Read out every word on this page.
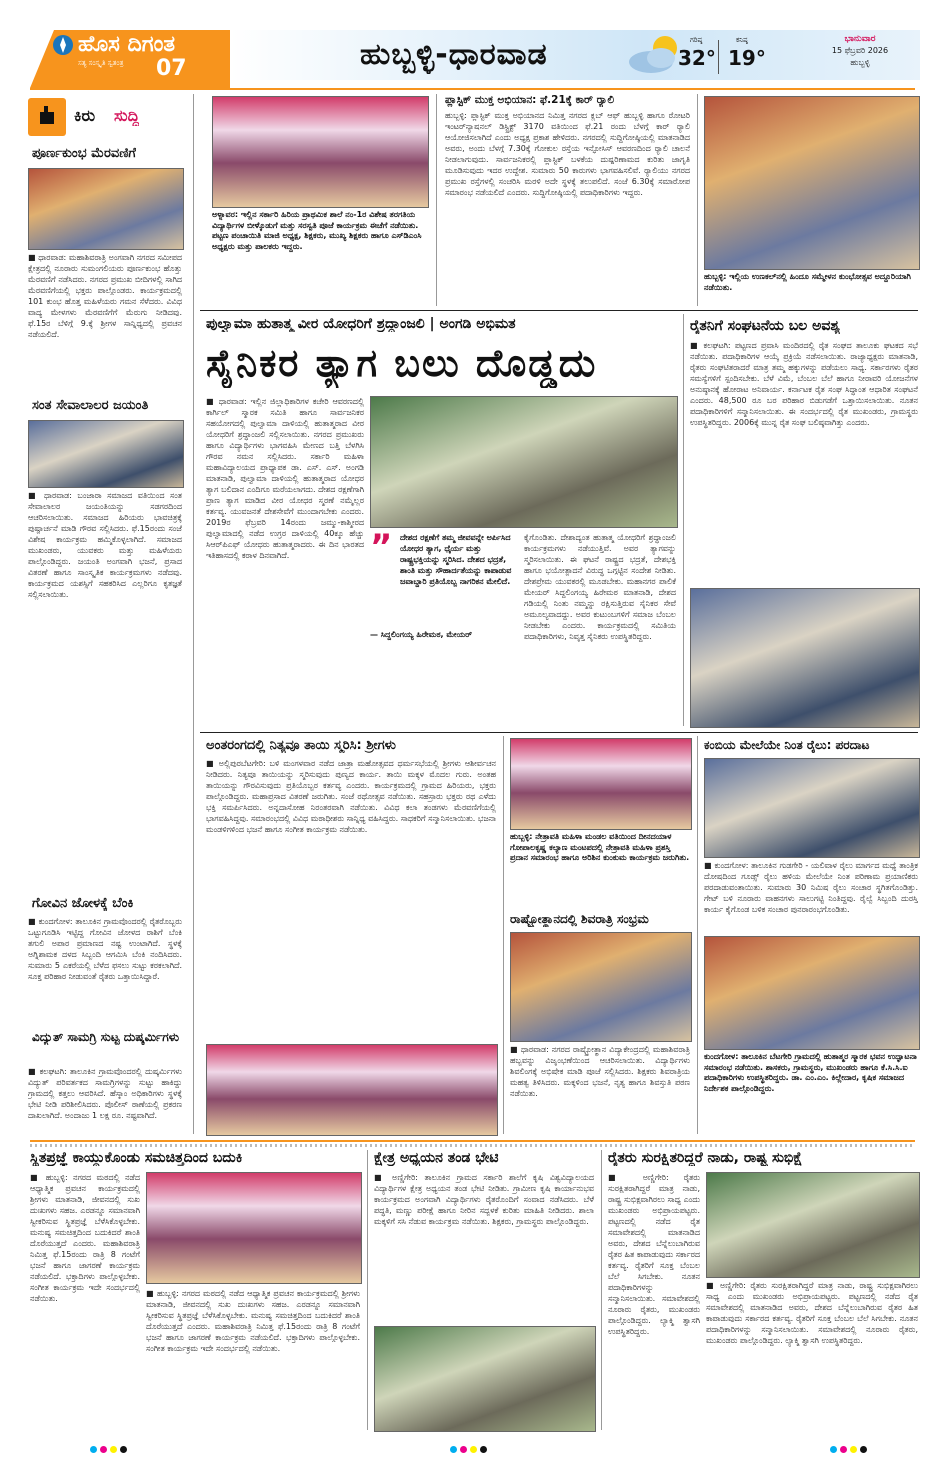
ಹೊಸ ದಿಗಂತ
ಸತ್ಯ ಸಂಸ್ಕೃತಿ ಸ್ವತಂತ್ರ 07	ಹುಬ್ಬಳ್ಳಿ-ಧಾರವಾಡ	ಗರಿಷ್ಠ
32°
ಕನಿಷ್ಠ
19°
ಭಾನುವಾರ
15 ಫೆಬ್ರವರಿ 2026
ಹುಬ್ಬಳ್ಳಿ
ಕಿರು ಸುದ್ದಿ
ಪೂರ್ಣಕುಂಭ ಮೆರವಣಿಗೆ
■ ಧಾರವಾಡ: ಮಹಾಶಿವರಾತ್ರಿ ಅಂಗವಾಗಿ ನಗರದ ಸಮೀಪದ ಕ್ಷೇತ್ರದಲ್ಲಿ ನೂರಾರು ಸುಮಂಗಲಿಯರು ಪೂರ್ಣಕುಂಭ ಹೊತ್ತು ಮೆರವಣಿಗೆ ನಡೆಸಿದರು. ನಗರದ ಪ್ರಮುಖ ಬೀದಿಗಳಲ್ಲಿ ಸಾಗಿದ ಮೆರವಣಿಗೆಯಲ್ಲಿ ಭಕ್ತರು ಪಾಲ್ಗೊಂಡರು. ಕಾರ್ಯಕ್ರಮದಲ್ಲಿ 101 ಕುಂಭ ಹೊತ್ತ ಮಹಿಳೆಯರು ಗಮನ ಸೆಳೆದರು. ವಿವಿಧ ವಾದ್ಯ ಮೇಳಗಳು ಮೆರವಣಿಗೆಗೆ ಮೆರುಗು ನೀಡಿದವು. ಫೆ.15ರ ಬೆಳಿಗ್ಗೆ 9.ಕ್ಕೆ ಶ್ರೀಗಳ ಸಾನ್ನಿಧ್ಯದಲ್ಲಿ ಪ್ರವಚನ ನಡೆಯಲಿದೆ.
ಸಂತ ಸೇವಾಲಾಲರ ಜಯಂತಿ
■ ಧಾರವಾಡ: ಬಂಜಾರಾ ಸಮಾಜದ ವತಿಯಿಂದ ಸಂತ ಸೇವಾಲಾಲರ ಜಯಂತಿಯನ್ನು ಸಡಗರದಿಂದ ಆಚರಿಸಲಾಯಿತು. ಸಮಾಜದ ಹಿರಿಯರು ಭಾವಚಿತ್ರಕ್ಕೆ ಪುಷ್ಪಾರ್ಚನೆ ಮಾಡಿ ಗೌರವ ಸಲ್ಲಿಸಿದರು. ಫೆ.15ರಂದು ಸಂಜೆ ವಿಶೇಷ ಕಾರ್ಯಕ್ರಮ ಹಮ್ಮಿಕೊಳ್ಳಲಾಗಿದೆ. ಸಮಾಜದ ಮುಖಂಡರು, ಯುವಕರು ಮತ್ತು ಮಹಿಳೆಯರು ಪಾಲ್ಗೊಂಡಿದ್ದರು. ಜಯಂತಿ ಅಂಗವಾಗಿ ಭಜನೆ, ಪ್ರಸಾದ ವಿತರಣೆ ಹಾಗೂ ಸಾಂಸ್ಕೃತಿಕ ಕಾರ್ಯಕ್ರಮಗಳು ನಡೆದವು. ಕಾರ್ಯಕ್ರಮದ ಯಶಸ್ಸಿಗೆ ಸಹಕರಿಸಿದ ಎಲ್ಲರಿಗೂ ಕೃತಜ್ಞತೆ ಸಲ್ಲಿಸಲಾಯಿತು.
ಗೋವಿನ ಜೋಳಕ್ಕೆ ಬೆಂಕಿ
■ ಕುಂದಗೋಳ: ತಾಲೂಕಿನ ಗ್ರಾಮವೊಂದರಲ್ಲಿ ರೈತರೊಬ್ಬರು ಒಟ್ಟುಗೂಡಿಸಿ ಇಟ್ಟಿದ್ದ ಗೋವಿನ ಜೋಳದ ರಾಶಿಗೆ ಬೆಂಕಿ ತಗುಲಿ ಅಪಾರ ಪ್ರಮಾಣದ ನಷ್ಟ ಉಂಟಾಗಿದೆ. ಸ್ಥಳಕ್ಕೆ ಅಗ್ನಿಶಾಮಕ ದಳದ ಸಿಬ್ಬಂದಿ ಆಗಮಿಸಿ ಬೆಂಕಿ ನಂದಿಸಿದರು. ಸುಮಾರು 5 ಎಕರೆಯಲ್ಲಿ ಬೆಳೆದ ಫಸಲು ಸುಟ್ಟು ಕರಕಲಾಗಿದೆ. ಸೂಕ್ತ ಪರಿಹಾರ ನೀಡುವಂತೆ ರೈತರು ಒತ್ತಾಯಿಸಿದ್ದಾರೆ.
ವಿದ್ಯುತ್ ಸಾಮಗ್ರಿ ಸುಟ್ಟ ದುಷ್ಕರ್ಮಿಗಳು
■ ಕಲಘಟಗಿ: ತಾಲೂಕಿನ ಗ್ರಾಮವೊಂದರಲ್ಲಿ ದುಷ್ಕರ್ಮಿಗಳು ವಿದ್ಯುತ್ ಪರಿವರ್ತಕದ ಸಾಮಗ್ರಿಗಳನ್ನು ಸುಟ್ಟು ಹಾಕಿದ್ದು ಗ್ರಾಮದಲ್ಲಿ ಕತ್ತಲು ಆವರಿಸಿದೆ. ಹೆಸ್ಕಾಂ ಅಧಿಕಾರಿಗಳು ಸ್ಥಳಕ್ಕೆ ಭೇಟಿ ನೀಡಿ ಪರಿಶೀಲಿಸಿದರು. ಪೊಲೀಸ್ ಠಾಣೆಯಲ್ಲಿ ಪ್ರಕರಣ ದಾಖಲಾಗಿದೆ. ಅಂದಾಜು 1 ಲಕ್ಷ ರೂ. ನಷ್ಟವಾಗಿದೆ.
ಅಳ್ನಾವರ: ಇಲ್ಲಿನ ಸರ್ಕಾರಿ ಹಿರಿಯ ಪ್ರಾಥಮಿಕ ಶಾಲೆ ನಂ-1ರ ವಿಶೇಷ ತರಗತಿಯ ವಿದ್ಯಾರ್ಥಿಗಳ ಬೀಳ್ಕೊಡುಗೆ ಮತ್ತು ಸರಸ್ವತಿ ಪೂಜೆ ಕಾರ್ಯಕ್ರಮ ಈಚೆಗೆ ನಡೆಯಿತು. ಪಟ್ಟಣ ಪಂಚಾಯಿತಿ ಮಾಜಿ ಅಧ್ಯಕ್ಷ, ಶಿಕ್ಷಕರು, ಮುಖ್ಯ ಶಿಕ್ಷಕರು ಹಾಗೂ ಎಸ್‌ಡಿಎಂಸಿ ಅಧ್ಯಕ್ಷರು ಮತ್ತು ಪಾಲಕರು ಇದ್ದರು.
ಪ್ಲಾಸ್ಟಿಕ್ ಮುಕ್ತ ಅಭಿಯಾನ: ಫೆ.21ಕ್ಕೆ ಕಾರ್ ರ‍್ಯಾಲಿ
ಹುಬ್ಬಳ್ಳಿ: ಪ್ಲಾಸ್ಟಿಕ್ ಮುಕ್ತ ಅಭಿಯಾನದ ನಿಮಿತ್ತ ನಗರದ ಕ್ಲಬ್ ಆಫ್ ಹುಬ್ಬಳ್ಳಿ ಹಾಗೂ ರೋಟರಿ ಇಂಟರ್‌ನ್ಯಾಷನಲ್ ಡಿಸ್ಟ್ರಿಕ್ಟ್ 3170 ವತಿಯಿಂದ ಫೆ.21 ರಂದು ಬೆಳಗ್ಗೆ ಕಾರ್ ರ‍್ಯಾಲಿ ಆಯೋಜಿಸಲಾಗಿದೆ ಎಂದು ಅಧ್ಯಕ್ಷ ಪ್ರಕಾಶ ಹೇಳಿದರು. ನಗರದಲ್ಲಿ ಸುದ್ದಿಗೋಷ್ಠಿಯಲ್ಲಿ ಮಾತನಾಡಿದ ಅವರು, ಅಂದು ಬೆಳಗ್ಗೆ 7.30ಕ್ಕೆ ಗೋಕುಲ ರಸ್ತೆಯ ಇನ್ಫೋಸಿಸ್ ಆವರಣದಿಂದ ರ‍್ಯಾಲಿ ಚಾಲನೆ ನೀಡಲಾಗುವುದು. ಸಾರ್ವಜನಿಕರಲ್ಲಿ ಪ್ಲಾಸ್ಟಿಕ್ ಬಳಕೆಯ ದುಷ್ಪರಿಣಾಮದ ಕುರಿತು ಜಾಗೃತಿ ಮೂಡಿಸುವುದು ಇದರ ಉದ್ದೇಶ. ಸುಮಾರು 50 ಕಾರುಗಳು ಭಾಗವಹಿಸಲಿವೆ. ರ‍್ಯಾಲಿಯು ನಗರದ ಪ್ರಮುಖ ರಸ್ತೆಗಳಲ್ಲಿ ಸಂಚರಿಸಿ ಮರಳಿ ಅದೇ ಸ್ಥಳಕ್ಕೆ ತಲುಪಲಿದೆ. ಸಂಜೆ 6.30ಕ್ಕೆ ಸಮಾರೋಪ ಸಮಾರಂಭ ನಡೆಯಲಿದೆ ಎಂದರು. ಸುದ್ದಿಗೋಷ್ಠಿಯಲ್ಲಿ ಪದಾಧಿಕಾರಿಗಳು ಇದ್ದರು.
ಹುಬ್ಬಳ್ಳಿ: ಇಲ್ಲಿಯ ಉಣಕಲ್‌ನಲ್ಲಿ ಹಿಂದೂ ಸಮ್ಮೇಳನ ಕುಂಭೋತ್ಸವ ಅದ್ದೂರಿಯಾಗಿ ನಡೆಯಿತು.
ಪುಲ್ವಾಮಾ ಹುತಾತ್ಮ ವೀರ ಯೋಧರಿಗೆ ಶ್ರದ್ಧಾಂಜಲಿ | ಅಂಗಡಿ ಅಭಿಮತ
ಸೈನಿಕರ ತ್ಯಾಗ ಬಲು ದೊಡ್ಡದು
■ ಧಾರವಾಡ: ಇಲ್ಲಿನ ಜಿಲ್ಲಾಧಿಕಾರಿಗಳ ಕಚೇರಿ ಆವರಣದಲ್ಲಿ ಕಾರ್ಗಿಲ್ ಸ್ಮಾರಕ ಸಮಿತಿ ಹಾಗೂ ಸಾರ್ವಜನಿಕರ ಸಹಯೋಗದಲ್ಲಿ ಪುಲ್ವಾಮಾ ದಾಳಿಯಲ್ಲಿ ಹುತಾತ್ಮರಾದ ವೀರ ಯೋಧರಿಗೆ ಶ್ರದ್ಧಾಂಜಲಿ ಸಲ್ಲಿಸಲಾಯಿತು. ನಗರದ ಪ್ರಮುಖರು ಹಾಗೂ ವಿದ್ಯಾರ್ಥಿಗಳು ಭಾಗವಹಿಸಿ ಮೇಣದ ಬತ್ತಿ ಬೆಳಗಿಸಿ ಗೌರವ ನಮನ ಸಲ್ಲಿಸಿದರು. ಸರ್ಕಾರಿ ಮಹಿಳಾ ಮಹಾವಿದ್ಯಾಲಯದ ಪ್ರಾಧ್ಯಾಪಕ ಡಾ. ಎಸ್. ಎಸ್. ಅಂಗಡಿ ಮಾತನಾಡಿ, ಪುಲ್ವಾಮಾ ದಾಳಿಯಲ್ಲಿ ಹುತಾತ್ಮರಾದ ಯೋಧರ ತ್ಯಾಗ ಬಲಿದಾನ ಎಂದಿಗೂ ಮರೆಯಲಾಗದು. ದೇಶದ ರಕ್ಷಣೆಗಾಗಿ ಪ್ರಾಣ ತ್ಯಾಗ ಮಾಡಿದ ವೀರ ಯೋಧರ ಸ್ಮರಣೆ ನಮ್ಮೆಲ್ಲರ ಕರ್ತವ್ಯ. ಯುವಜನತೆ ದೇಶಸೇವೆಗೆ ಮುಂದಾಗಬೇಕು ಎಂದರು. 2019ರ ಫೆಬ್ರವರಿ 14ರಂದು ಜಮ್ಮು-ಕಾಶ್ಮೀರದ ಪುಲ್ವಾಮಾದಲ್ಲಿ ನಡೆದ ಉಗ್ರರ ದಾಳಿಯಲ್ಲಿ 40ಕ್ಕೂ ಹೆಚ್ಚು ಸಿಆರ್‌ಪಿಎಫ್ ಯೋಧರು ಹುತಾತ್ಮರಾದರು. ಈ ದಿನ ಭಾರತದ ಇತಿಹಾಸದಲ್ಲಿ ಕರಾಳ ದಿನವಾಗಿದೆ.	” ದೇಶದ ರಕ್ಷಣೆಗೆ ತಮ್ಮ ಜೀವವನ್ನೇ ಅರ್ಪಿಸಿದ ಯೋಧರ ತ್ಯಾಗ, ಧೈರ್ಯ ಮತ್ತು ರಾಷ್ಟ್ರಭಕ್ತಿಯನ್ನು ಸ್ಮರಿಸಿದ. ದೇಶದ ಭದ್ರತೆ, ಶಾಂತಿ ಮತ್ತು ಸೌಹಾರ್ದತೆಯನ್ನು ಕಾಪಾಡುವ ಜವಾಬ್ದಾರಿ ಪ್ರತಿಯೊಬ್ಬ ನಾಗರಿಕನ ಮೇಲಿದೆ.
— ಸಿದ್ದಲಿಂಗಯ್ಯ ಹಿರೇಮಠ, ಮೇಯರ್
ಕೈಗೊಂಡಿತು. ದೇಶಾದ್ಯಂತ ಹುತಾತ್ಮ ಯೋಧರಿಗೆ ಶ್ರದ್ಧಾಂಜಲಿ ಕಾರ್ಯಕ್ರಮಗಳು ನಡೆಯುತ್ತಿವೆ. ಅವರ ತ್ಯಾಗವನ್ನು ಸ್ಮರಿಸಲಾಯಿತು. ಈ ಘಟನೆ ರಾಷ್ಟ್ರದ ಭದ್ರತೆ, ದೇಶಭಕ್ತಿ ಹಾಗೂ ಭಯೋತ್ಪಾದನೆ ವಿರುದ್ಧ ಒಗ್ಗಟ್ಟಿನ ಸಂದೇಶ ನೀಡಿತು. ದೇಶಪ್ರೇಮ ಯುವಕರಲ್ಲಿ ಮೂಡಬೇಕು. ಮಹಾನಗರ ಪಾಲಿಕೆ ಮೇಯರ್ ಸಿದ್ದಲಿಂಗಯ್ಯ ಹಿರೇಮಠ ಮಾತನಾಡಿ, ದೇಶದ ಗಡಿಯಲ್ಲಿ ನಿಂತು ನಮ್ಮನ್ನು ರಕ್ಷಿಸುತ್ತಿರುವ ಸೈನಿಕರ ಸೇವೆ ಅಮೂಲ್ಯವಾದದ್ದು. ಅವರ ಕುಟುಂಬಗಳಿಗೆ ಸಮಾಜ ಬೆಂಬಲ ನೀಡಬೇಕು ಎಂದರು. ಕಾರ್ಯಕ್ರಮದಲ್ಲಿ ಸಮಿತಿಯ ಪದಾಧಿಕಾರಿಗಳು, ನಿವೃತ್ತ ಸೈನಿಕರು ಉಪಸ್ಥಿತರಿದ್ದರು.
ರೈತನಿಗೆ ಸಂಘಟನೆಯ ಬಲ ಅವಶ್ಯ
■ ಕಲಘಟಗಿ: ಪಟ್ಟಣದ ಪ್ರವಾಸಿ ಮಂದಿರದಲ್ಲಿ ರೈತ ಸಂಘದ ತಾಲೂಕು ಘಟಕದ ಸಭೆ ನಡೆಯಿತು. ಪದಾಧಿಕಾರಿಗಳ ಆಯ್ಕೆ ಪ್ರಕ್ರಿಯೆ ನಡೆಸಲಾಯಿತು. ರಾಜ್ಯಾಧ್ಯಕ್ಷರು ಮಾತನಾಡಿ, ರೈತರು ಸಂಘಟಿತರಾದರೆ ಮಾತ್ರ ತಮ್ಮ ಹಕ್ಕುಗಳನ್ನು ಪಡೆಯಲು ಸಾಧ್ಯ. ಸರ್ಕಾರಗಳು ರೈತರ ಸಮಸ್ಯೆಗಳಿಗೆ ಸ್ಪಂದಿಸಬೇಕು. ಬೆಳೆ ವಿಮೆ, ಬೆಂಬಲ ಬೆಲೆ ಹಾಗೂ ನೀರಾವರಿ ಯೋಜನೆಗಳ ಅನುಷ್ಠಾನಕ್ಕೆ ಹೋರಾಟ ಅನಿವಾರ್ಯ. ಕರ್ನಾಟಕ ರೈತ ಸಂಘ ಸಿದ್ಧಾಂತ ಆಧಾರಿತ ಸಂಘಟನೆ ಎಂದರು. 48,500 ರೂ ಬರ ಪರಿಹಾರ ಬಿಡುಗಡೆಗೆ ಒತ್ತಾಯಿಸಲಾಯಿತು. ನೂತನ ಪದಾಧಿಕಾರಿಗಳಿಗೆ ಸನ್ಮಾನಿಸಲಾಯಿತು. ಈ ಸಂದರ್ಭದಲ್ಲಿ ರೈತ ಮುಖಂಡರು, ಗ್ರಾಮಸ್ಥರು ಉಪಸ್ಥಿತರಿದ್ದರು. 2006ಕ್ಕೆ ಮುನ್ನ ರೈತ ಸಂಘ ಬಲಿಷ್ಠವಾಗಿತ್ತು ಎಂದರು.
ಅಂತರಂಗದಲ್ಲಿ ನಿತ್ಯವೂ ತಾಯಿ ಸ್ಮರಿಸಿ: ಶ್ರೀಗಳು
■ ಅಲ್ಲಿಪುರಬೆಟಗೇರಿ: ಬಳಿ ಮಂಗಳವಾರ ನಡೆದ ಜಾತ್ರಾ ಮಹೋತ್ಸವದ ಧರ್ಮಸಭೆಯಲ್ಲಿ ಶ್ರೀಗಳು ಆಶೀರ್ವಚನ ನೀಡಿದರು. ನಿತ್ಯವೂ ತಾಯಿಯನ್ನು ಸ್ಮರಿಸುವುದು ಪುಣ್ಯದ ಕಾರ್ಯ. ತಾಯಿ ಮಕ್ಕಳ ಮೊದಲ ಗುರು. ಅಂತಹ ತಾಯಿಯನ್ನು ಗೌರವಿಸುವುದು ಪ್ರತಿಯೊಬ್ಬರ ಕರ್ತವ್ಯ ಎಂದರು. ಕಾರ್ಯಕ್ರಮದಲ್ಲಿ ಗ್ರಾಮದ ಹಿರಿಯರು, ಭಕ್ತರು ಪಾಲ್ಗೊಂಡಿದ್ದರು. ಮಹಾಪ್ರಸಾದ ವಿತರಣೆ ಜರುಗಿತು. ಸಂಜೆ ರಥೋತ್ಸವ ನಡೆಯಿತು. ಸಹಸ್ರಾರು ಭಕ್ತರು ರಥ ಎಳೆದು ಭಕ್ತಿ ಸಮರ್ಪಿಸಿದರು. ಅನ್ನದಾಸೋಹ ನಿರಂತರವಾಗಿ ನಡೆಯಿತು. ವಿವಿಧ ಕಲಾ ತಂಡಗಳು ಮೆರವಣಿಗೆಯಲ್ಲಿ ಭಾಗವಹಿಸಿದ್ದವು. ಸಮಾರಂಭದಲ್ಲಿ ವಿವಿಧ ಮಠಾಧೀಶರು ಸಾನ್ನಿಧ್ಯ ವಹಿಸಿದ್ದರು. ಸಾಧಕರಿಗೆ ಸನ್ಮಾನಿಸಲಾಯಿತು. ಭಜನಾ ಮಂಡಳಿಗಳಿಂದ ಭಜನೆ ಹಾಗೂ ಸಂಗೀತ ಕಾರ್ಯಕ್ರಮ ನಡೆಯಿತು.
ಹುಬ್ಬಳ್ಳಿ: ನೇತ್ರಾವತಿ ಮಹಿಳಾ ಮಂಡಲ ವತಿಯಿಂದ ದೀನದಯಾಳ ಗೋಪಾಲಕೃಷ್ಣ ಕಲ್ಯಾಣ ಮಂಟಪದಲ್ಲಿ ನೇತ್ರಾವತಿ ಮಹಿಳಾ ಪ್ರಶಸ್ತಿ ಪ್ರದಾನ ಸಮಾರಂಭ ಹಾಗೂ ಅರಿಶಿನ ಕುಂಕುಮ ಕಾರ್ಯಕ್ರಮ ಜರುಗಿತು.
ರಾಷ್ಟ್ರೋತ್ಥಾನದಲ್ಲಿ ಶಿವರಾತ್ರಿ ಸಂಭ್ರಮ
■ ಧಾರವಾಡ: ನಗರದ ರಾಷ್ಟ್ರೋತ್ಥಾನ ವಿದ್ಯಾಕೇಂದ್ರದಲ್ಲಿ ಮಹಾಶಿವರಾತ್ರಿ ಹಬ್ಬವನ್ನು ವಿಜೃಂಭಣೆಯಿಂದ ಆಚರಿಸಲಾಯಿತು. ವಿದ್ಯಾರ್ಥಿಗಳು ಶಿವಲಿಂಗಕ್ಕೆ ಅಭಿಷೇಕ ಮಾಡಿ ಪೂಜೆ ಸಲ್ಲಿಸಿದರು. ಶಿಕ್ಷಕರು ಶಿವರಾತ್ರಿಯ ಮಹತ್ವ ತಿಳಿಸಿದರು. ಮಕ್ಕಳಿಂದ ಭಜನೆ, ನೃತ್ಯ ಹಾಗೂ ಶಿವಸ್ತುತಿ ಪಠಣ ನಡೆಯಿತು.
ಕಂಬಿಯ ಮೇಲೆಯೇ ನಿಂತ ರೈಲು: ಪರದಾಟ
■ ಕುಂದಗೋಳ: ತಾಲೂಕಿನ ಗುಡಗೇರಿ - ಯಲಿವಾಳ ರೈಲು ಮಾರ್ಗದ ಮಧ್ಯೆ ತಾಂತ್ರಿಕ ದೋಷದಿಂದ ಗೂಡ್ಸ್ ರೈಲು ಹಳಿಯ ಮೇಲೆಯೇ ನಿಂತ ಪರಿಣಾಮ ಪ್ರಯಾಣಿಕರು ಪರದಾಡುವಂತಾಯಿತು. ಸುಮಾರು 30 ನಿಮಿಷ ರೈಲು ಸಂಚಾರ ಸ್ಥಗಿತಗೊಂಡಿತ್ತು. ಗೇಟ್ ಬಳಿ ನೂರಾರು ವಾಹನಗಳು ಸಾಲುಗಟ್ಟಿ ನಿಂತಿದ್ದವು. ರೈಲ್ವೆ ಸಿಬ್ಬಂದಿ ದುರಸ್ತಿ ಕಾರ್ಯ ಕೈಗೊಂಡ ಬಳಿಕ ಸಂಚಾರ ಪುನರಾರಂಭಗೊಂಡಿತು.
ಕುಂದಗೋಳ: ತಾಲೂಕಿನ ಬೆಟಗೇರಿ ಗ್ರಾಮದಲ್ಲಿ ಹುತಾತ್ಮರ ಸ್ಮಾರಕ ಭವನ ಉದ್ಘಾಟನಾ ಸಮಾರಂಭ ನಡೆಯಿತು. ಶಾಸಕರು, ಗ್ರಾಮಸ್ಥರು, ಮುಖಂಡರು ಹಾಗೂ ಕೆ.ಸಿ.ಸಿ.ಐ ಪದಾಧಿಕಾರಿಗಳು ಉಪಸ್ಥಿತರಿದ್ದರು. ಡಾ. ಎಂ.ಎಂ. ಕಿಲ್ಲೇದಾರ, ಕೃಷಿಕ ಸಮಾಜದ ನಿರ್ದೇಶಕ ಪಾಲ್ಗೊಂಡಿದ್ದರು.
ಸ್ಥಿತಪ್ರಜ್ಞೆ ಕಾಯ್ದುಕೊಂಡು ಸಮಚಿತ್ತದಿಂದ ಬದುಕಿ
■ ಹುಬ್ಬಳ್ಳಿ: ನಗರದ ಮಠದಲ್ಲಿ ನಡೆದ ಆಧ್ಯಾತ್ಮಿಕ ಪ್ರವಚನ ಕಾರ್ಯಕ್ರಮದಲ್ಲಿ ಶ್ರೀಗಳು ಮಾತನಾಡಿ, ಜೀವನದಲ್ಲಿ ಸುಖ ದುಃಖಗಳು ಸಹಜ. ಎರಡನ್ನೂ ಸಮಾನವಾಗಿ ಸ್ವೀಕರಿಸುವ ಸ್ಥಿತಪ್ರಜ್ಞೆ ಬೆಳೆಸಿಕೊಳ್ಳಬೇಕು. ಮನುಷ್ಯ ಸಮಚಿತ್ತದಿಂದ ಬದುಕಿದರೆ ಶಾಂತಿ ದೊರೆಯುತ್ತದೆ ಎಂದರು. ಮಹಾಶಿವರಾತ್ರಿ ನಿಮಿತ್ತ ಫೆ.15ರಂದು ರಾತ್ರಿ 8 ಗಂಟೆಗೆ ಭಜನೆ ಹಾಗೂ ಜಾಗರಣೆ ಕಾರ್ಯಕ್ರಮ ನಡೆಯಲಿದೆ. ಭಕ್ತಾದಿಗಳು ಪಾಲ್ಗೊಳ್ಳಬೇಕು. ಸಂಗೀತ ಕಾರ್ಯಕ್ರಮ ಇದೇ ಸಂದರ್ಭದಲ್ಲಿ ನಡೆಯಿತು.
■ ಹುಬ್ಬಳ್ಳಿ: ನಗರದ ಮಠದಲ್ಲಿ ನಡೆದ ಆಧ್ಯಾತ್ಮಿಕ ಪ್ರವಚನ ಕಾರ್ಯಕ್ರಮದಲ್ಲಿ ಶ್ರೀಗಳು ಮಾತನಾಡಿ, ಜೀವನದಲ್ಲಿ ಸುಖ ದುಃಖಗಳು ಸಹಜ. ಎರಡನ್ನೂ ಸಮಾನವಾಗಿ ಸ್ವೀಕರಿಸುವ ಸ್ಥಿತಪ್ರಜ್ಞೆ ಬೆಳೆಸಿಕೊಳ್ಳಬೇಕು. ಮನುಷ್ಯ ಸಮಚಿತ್ತದಿಂದ ಬದುಕಿದರೆ ಶಾಂತಿ ದೊರೆಯುತ್ತದೆ ಎಂದರು. ಮಹಾಶಿವರಾತ್ರಿ ನಿಮಿತ್ತ ಫೆ.15ರಂದು ರಾತ್ರಿ 8 ಗಂಟೆಗೆ ಭಜನೆ ಹಾಗೂ ಜಾಗರಣೆ ಕಾರ್ಯಕ್ರಮ ನಡೆಯಲಿದೆ. ಭಕ್ತಾದಿಗಳು ಪಾಲ್ಗೊಳ್ಳಬೇಕು. ಸಂಗೀತ ಕಾರ್ಯಕ್ರಮ ಇದೇ ಸಂದರ್ಭದಲ್ಲಿ ನಡೆಯಿತು.
ಕ್ಷೇತ್ರ ಅಧ್ಯಯನ ತಂಡ ಭೇಟಿ
■ ಅಣ್ಣಿಗೇರಿ: ತಾಲೂಕಿನ ಗ್ರಾಮದ ಸರ್ಕಾರಿ ಶಾಲೆಗೆ ಕೃಷಿ ವಿಶ್ವವಿದ್ಯಾಲಯದ ವಿದ್ಯಾರ್ಥಿಗಳ ಕ್ಷೇತ್ರ ಅಧ್ಯಯನ ತಂಡ ಭೇಟಿ ನೀಡಿತು. ಗ್ರಾಮೀಣ ಕೃಷಿ ಕಾರ್ಯಾನುಭವ ಕಾರ್ಯಕ್ರಮದ ಅಂಗವಾಗಿ ವಿದ್ಯಾರ್ಥಿಗಳು ರೈತರೊಂದಿಗೆ ಸಂವಾದ ನಡೆಸಿದರು. ಬೆಳೆ ಪದ್ಧತಿ, ಮಣ್ಣು ಪರೀಕ್ಷೆ ಹಾಗೂ ನೀರಿನ ಸದ್ಬಳಕೆ ಕುರಿತು ಮಾಹಿತಿ ನೀಡಿದರು. ಶಾಲಾ ಮಕ್ಕಳಿಗೆ ಸಸಿ ನೆಡುವ ಕಾರ್ಯಕ್ರಮ ನಡೆಯಿತು. ಶಿಕ್ಷಕರು, ಗ್ರಾಮಸ್ಥರು ಪಾಲ್ಗೊಂಡಿದ್ದರು.
ರೈತರು ಸುರಕ್ಷಿತರಿದ್ದರೆ ನಾಡು, ರಾಷ್ಟ್ರ ಸುಭಿಕ್ಷೆ
■ ಅಣ್ಣಿಗೇರಿ: ರೈತರು ಸುರಕ್ಷಿತರಾಗಿದ್ದರೆ ಮಾತ್ರ ನಾಡು, ರಾಷ್ಟ್ರ ಸುಭಿಕ್ಷವಾಗಿರಲು ಸಾಧ್ಯ ಎಂದು ಮುಖಂಡರು ಅಭಿಪ್ರಾಯಪಟ್ಟರು. ಪಟ್ಟಣದಲ್ಲಿ ನಡೆದ ರೈತ ಸಮಾವೇಶದಲ್ಲಿ ಮಾತನಾಡಿದ ಅವರು, ದೇಶದ ಬೆನ್ನೆಲುಬಾಗಿರುವ ರೈತರ ಹಿತ ಕಾಪಾಡುವುದು ಸರ್ಕಾರದ ಕರ್ತವ್ಯ. ರೈತರಿಗೆ ಸೂಕ್ತ ಬೆಂಬಲ ಬೆಲೆ ಸಿಗಬೇಕು. ನೂತನ ಪದಾಧಿಕಾರಿಗಳನ್ನು ಸನ್ಮಾನಿಸಲಾಯಿತು. ಸಮಾವೇಶದಲ್ಲಿ ನೂರಾರು ರೈತರು, ಮುಖಂಡರು ಪಾಲ್ಗೊಂಡಿದ್ದರು. ಲ್ಯಾಕ್ಮಿ ತ್ವಾಸಗಿ ಉಪಸ್ಥಿತರಿದ್ದರು.
■ ಅಣ್ಣಿಗೇರಿ: ರೈತರು ಸುರಕ್ಷಿತರಾಗಿದ್ದರೆ ಮಾತ್ರ ನಾಡು, ರಾಷ್ಟ್ರ ಸುಭಿಕ್ಷವಾಗಿರಲು ಸಾಧ್ಯ ಎಂದು ಮುಖಂಡರು ಅಭಿಪ್ರಾಯಪಟ್ಟರು. ಪಟ್ಟಣದಲ್ಲಿ ನಡೆದ ರೈತ ಸಮಾವೇಶದಲ್ಲಿ ಮಾತನಾಡಿದ ಅವರು, ದೇಶದ ಬೆನ್ನೆಲುಬಾಗಿರುವ ರೈತರ ಹಿತ ಕಾಪಾಡುವುದು ಸರ್ಕಾರದ ಕರ್ತವ್ಯ. ರೈತರಿಗೆ ಸೂಕ್ತ ಬೆಂಬಲ ಬೆಲೆ ಸಿಗಬೇಕು. ನೂತನ ಪದಾಧಿಕಾರಿಗಳನ್ನು ಸನ್ಮಾನಿಸಲಾಯಿತು. ಸಮಾವೇಶದಲ್ಲಿ ನೂರಾರು ರೈತರು, ಮುಖಂಡರು ಪಾಲ್ಗೊಂಡಿದ್ದರು. ಲ್ಯಾಕ್ಮಿ ತ್ವಾಸಗಿ ಉಪಸ್ಥಿತರಿದ್ದರು.
